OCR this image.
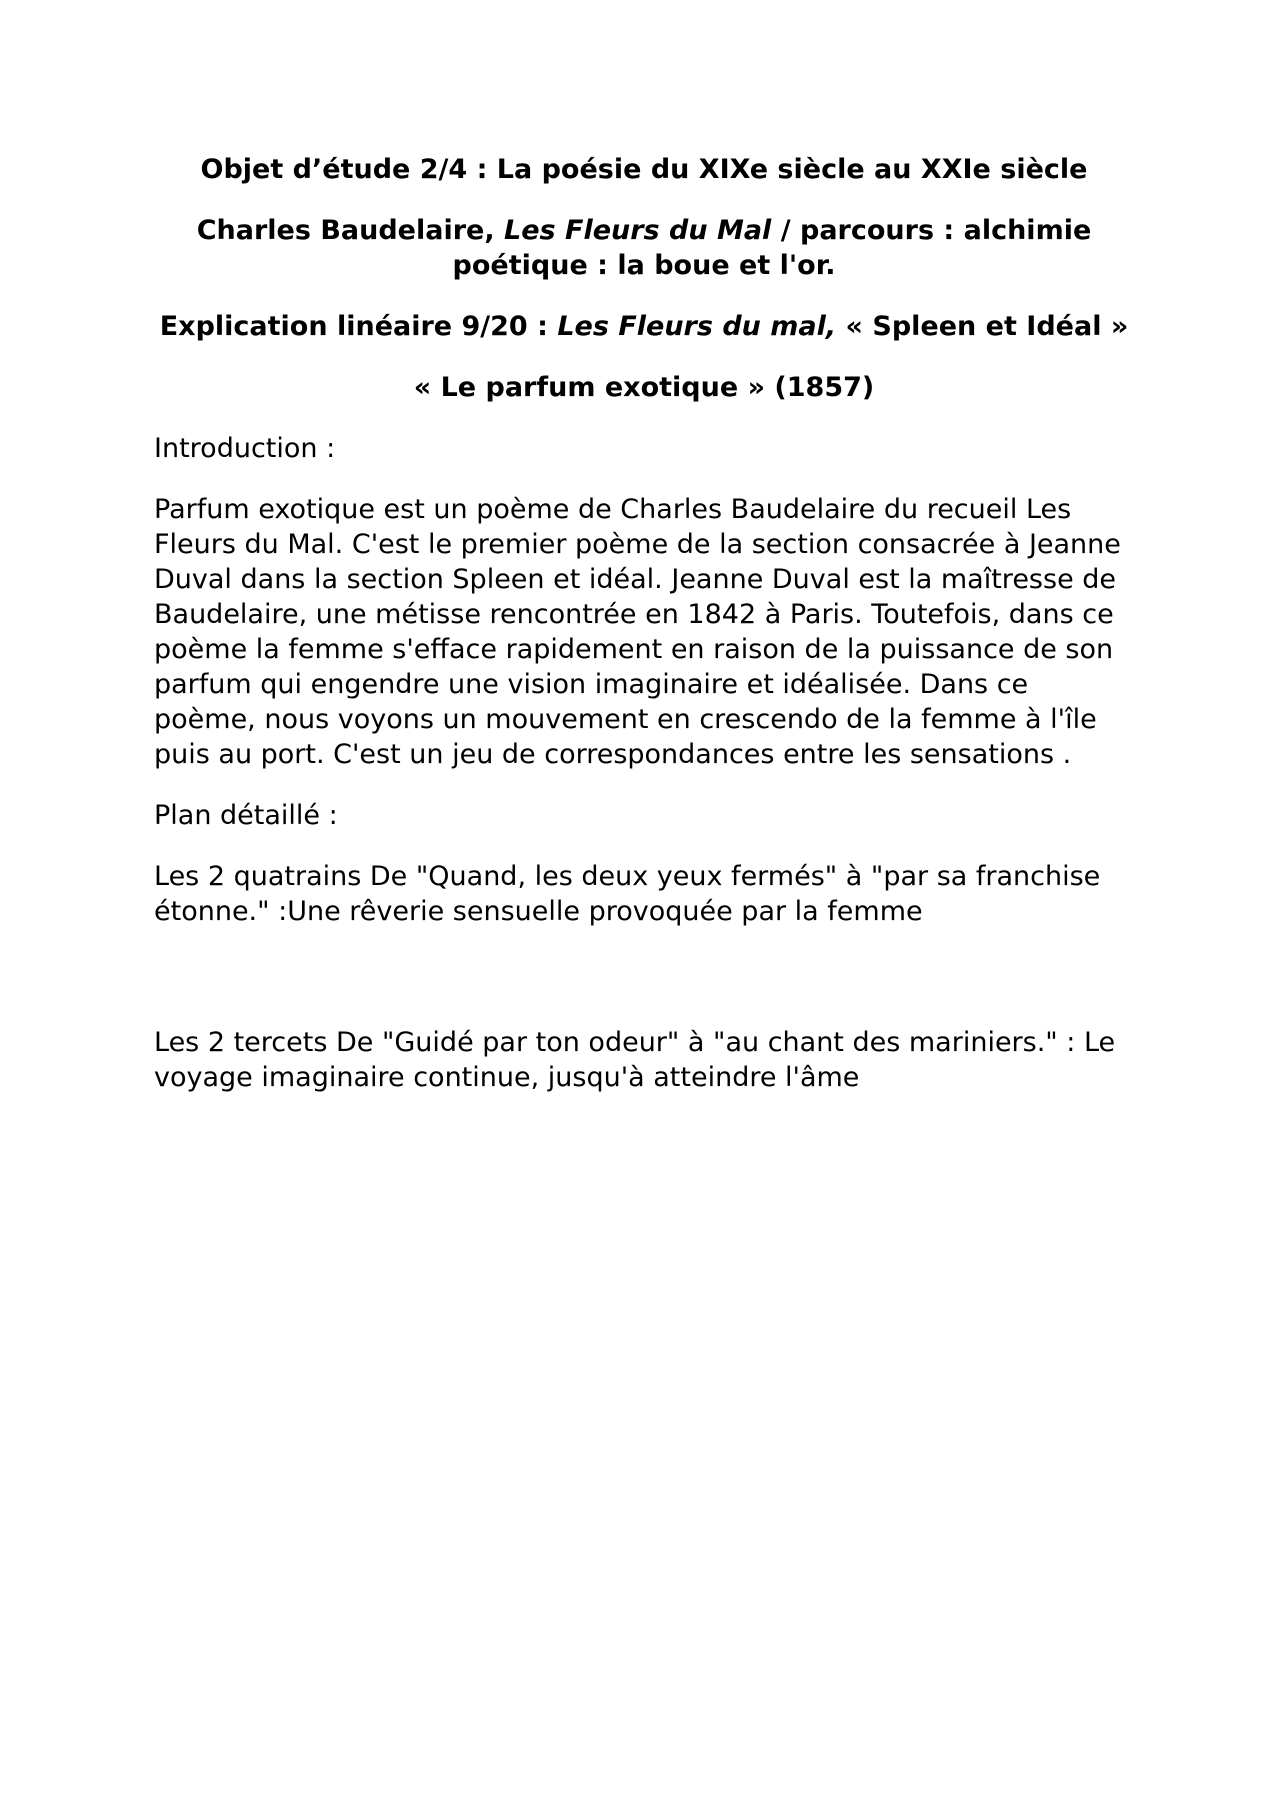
Objet d’étude 2/4 : La poésie du XIXe siècle au XXIe siècle

Charles Baudelaire, Les Fleurs du Mal / parcours : alchimie poétique : la boue et l'or.

Explication linéaire 9/20 : Les Fleurs du mal, « Spleen et Idéal »

« Le parfum exotique » (1857)

Introduction :

Parfum exotique est un poème de Charles Baudelaire du recueil Les Fleurs du Mal. C'est le premier poème de la section consacrée à Jeanne Duval dans la section Spleen et idéal. Jeanne Duval est la maîtresse de Baudelaire, une métisse rencontrée en 1842 à Paris. Toutefois, dans ce poème la femme s'efface rapidement en raison de la puissance de son parfum qui engendre une vision imaginaire et idéalisée. Dans ce poème, nous voyons un mouvement en crescendo de la femme à l'île puis au port. C'est un jeu de correspondances entre les sensations .

Plan détaillé :

Les 2 quatrains De "Quand, les deux yeux fermés" à "par sa franchise étonne." :Une rêverie sensuelle provoquée par la femme

Les 2 tercets De "Guidé par ton odeur" à "au chant des mariniers." : Le voyage imaginaire continue, jusqu'à atteindre l'âme
